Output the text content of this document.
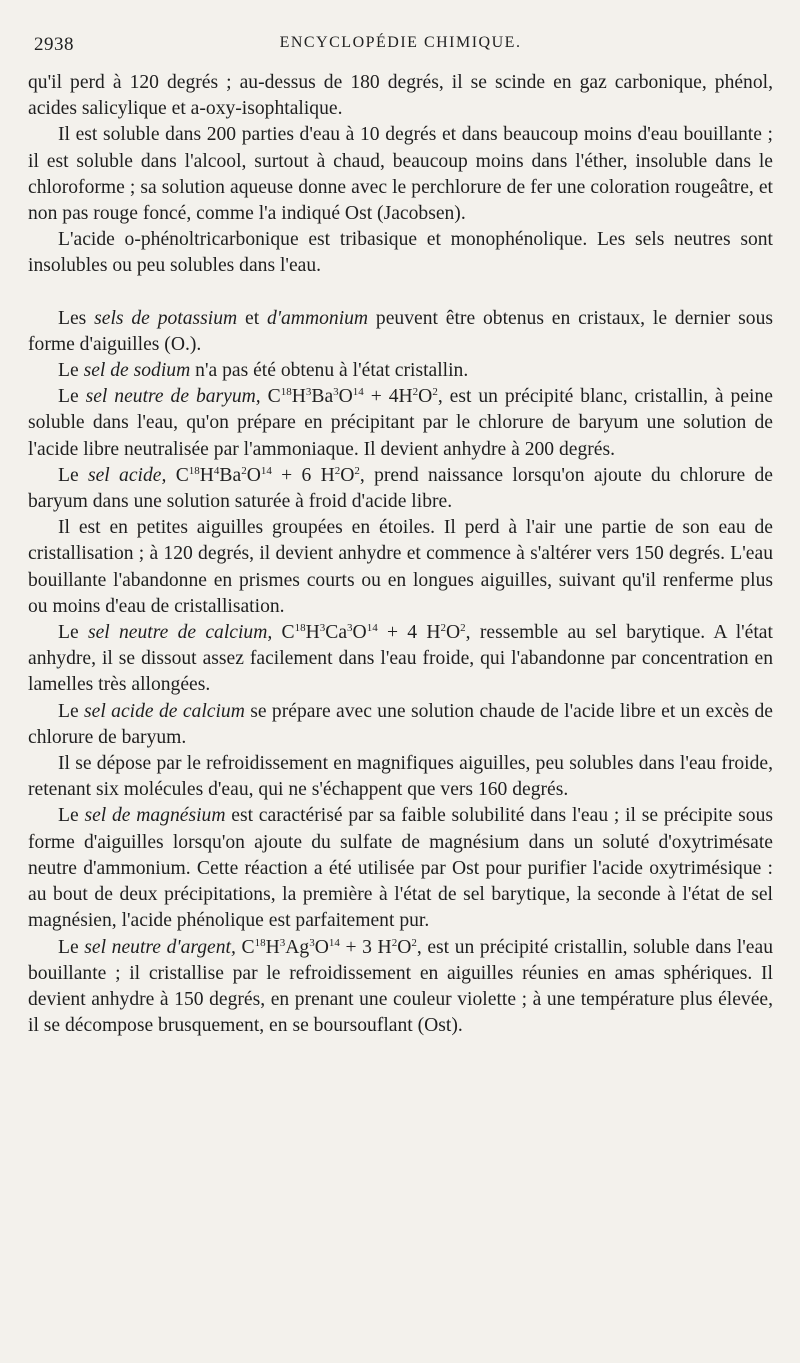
2938	ENCYCLOPÉDIE CHIMIQUE.

qu'il perd à 120 degrés ; au-dessus de 180 degrés, il se scinde en gaz carbonique, phénol, acides salicylique et a-oxy-isophtalique.

Il est soluble dans 200 parties d'eau à 10 degrés et dans beaucoup moins d'eau bouillante ; il est soluble dans l'alcool, surtout à chaud, beaucoup moins dans l'éther, insoluble dans le chloroforme ; sa solution aqueuse donne avec le perchlorure de fer une coloration rougeâtre, et non pas rouge foncé, comme l'a indiqué Ost (Jacobsen).

L'acide o-phénoltricarbonique est tribasique et monophénolique. Les sels neutres sont insolubles ou peu solubles dans l'eau.

Les sels de potassium et d'ammonium peuvent être obtenus en cristaux, le dernier sous forme d'aiguilles (O.).

Le sel de sodium n'a pas été obtenu à l'état cristallin.

Le sel neutre de baryum, $C^{18}H^3Ba^3O^{14} + 4H^2O^2$, est un précipité blanc, cristallin, à peine soluble dans l'eau, qu'on prépare en précipitant par le chlorure de baryum une solution de l'acide libre neutralisée par l'ammoniaque. Il devient anhydre à 200 degrés.

Le sel acide, $C^{18}H^4Ba^2O^{14} + 6$ $H^2O^2$, prend naissance lorsqu'on ajoute du chlorure de baryum dans une solution saturée à froid d'acide libre.

Il est en petites aiguilles groupées en étoiles. Il perd à l'air une partie de son eau de cristallisation ; à 120 degrés, il devient anhydre et commence à s'altérer vers 150 degrés. L'eau bouillante l'abandonne en prismes courts ou en longues aiguilles, suivant qu'il renferme plus ou moins d'eau de cristallisation.

Le sel neutre de calcium, $C^{18}H^3Ca^3O^{14} + 4$ $H^2O^2$, ressemble au sel barytique. A l'état anhydre, il se dissout assez facilement dans l'eau froide, qui l'abandonne par concentration en lamelles très allongées.

Le sel acide de calcium se prépare avec une solution chaude de l'acide libre et un excès de chlorure de baryum.

Il se dépose par le refroidissement en magnifiques aiguilles, peu solubles dans l'eau froide, retenant six molécules d'eau, qui ne s'échappent que vers 160 degrés.

Le sel de magnésium est caractérisé par sa faible solubilité dans l'eau ; il se précipite sous forme d'aiguilles lorsqu'on ajoute du sulfate de magnésium dans un soluté d'oxytrimésate neutre d'ammonium. Cette réaction a été utilisée par Ost pour purifier l'acide oxytrimésique : au bout de deux précipitations, la première à l'état de sel barytique, la seconde à l'état de sel magnésien, l'acide phénolique est parfaitement pur.

Le sel neutre d'argent, $C^{18}H^3Ag^3O^{14} + 3$ $H^2O^2$, est un précipité cristallin, soluble dans l'eau bouillante ; il cristallise par le refroidissement en aiguilles réunies en amas sphériques. Il devient anhydre à 150 degrés, en prenant une couleur violette ; à une température plus élevée, il se décompose brusquement, en se boursouflant (Ost).
